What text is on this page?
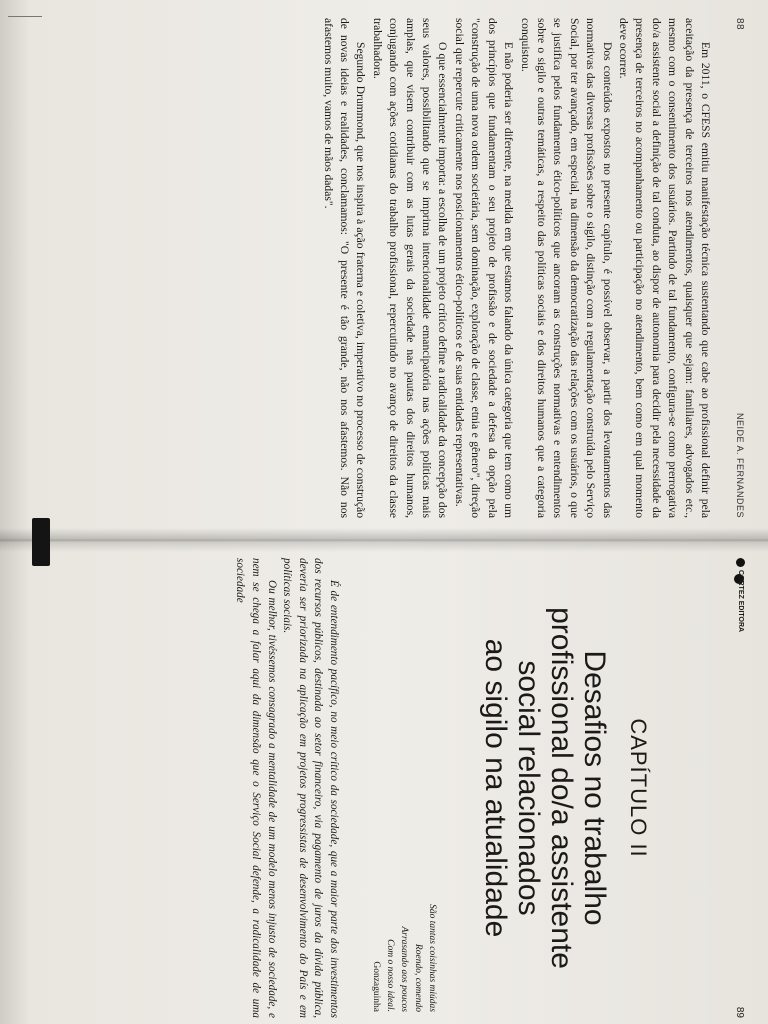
88
NEIDE A. FERNANDES

Em 2011, o CFESS emitiu manifestação técnica sustentando que cabe ao profissional definir pela aceitação da presença de terceiros nos atendimentos, quaisquer que sejam: familiares, advogados etc., mesmo com o consentimento dos usuários. Partindo de tal fundamento, configura-se como prerrogativa do/a assistente social a definição de tal conduta, ao dispor de autonomia para decidir pela necessidade da presença de terceiros no acompanhamento ou participação no atendimento, bem como em qual momento deve ocorrer.

Dos conteúdos expostos no presente capítulo, é possível observar, a partir dos levantamentos das normativas das diversas profissões sobre o sigilo, distinção com a regulamentação construída pelo Serviço Social, por ter avançado, em especial, na dimensão da democratização das relações com os usuários, o que se justifica pelos fundamentos ético-políticos que ancoram as construções normativas e entendimentos sobre o sigilo e outras temáticas, a respeito das políticas sociais e dos direitos humanos que a categoria conquistou.

E não poderia ser diferente, na medida em que estamos falando da única categoria que tem como um dos princípios que fundamentam o seu projeto de profissão e de sociedade a defesa da opção pela "construção de uma nova ordem societária, sem dominação, exploração de classe, etnia e gênero", direção social que repercute criticamente nos posicionamentos ético-políticos e de suas entidades representativas.

O que essencialmente importa: a escolha de um projeto crítico define a radicalidade da concepção dos seus valores, possibilitando que se imprima intencionalidade emancipatória nas ações políticas mais amplas, que visem contribuir com as lutas gerais da sociedade nas pautas dos direitos humanos, conjugando com ações cotidianas do trabalho profissional, repercutindo no avanço de direitos da classe trabalhadora.

Segundo Drummond, que nos inspira à ação fraterna e coletiva, imperativo no processo de construção de novas ideias e realidades, conclamamos: "O presente é tão grande, não nos afastemos. Não nos afastemos muito, vamos de mãos dadas".

CORTEZ EDITORA
89
CAPÍTULO II
Desafios no trabalho
profissional do/a assistente
social relacionados
ao sigilo na atualidade
São tantas coisinhas miúdas
Roendo, comendo
Arrasando aos poucos
Com o nosso ideal.
Gonzaguinha

É de entendimento pacífico, no meio crítico da sociedade, que a maior parte dos investimentos dos recursos públicos, destinada ao setor financeiro, via pagamento de juros da dívida pública, deveria ser priorizada na aplicação em projetos progressistas de desenvolvimento do País e em políticas sociais.

Ou melhor, tivéssemos consagrado a mentalidade de um modelo menos injusto de sociedade, e nem se chega a falar aqui da dimensão que o Serviço Social defende, a radicalidade de uma sociedade
